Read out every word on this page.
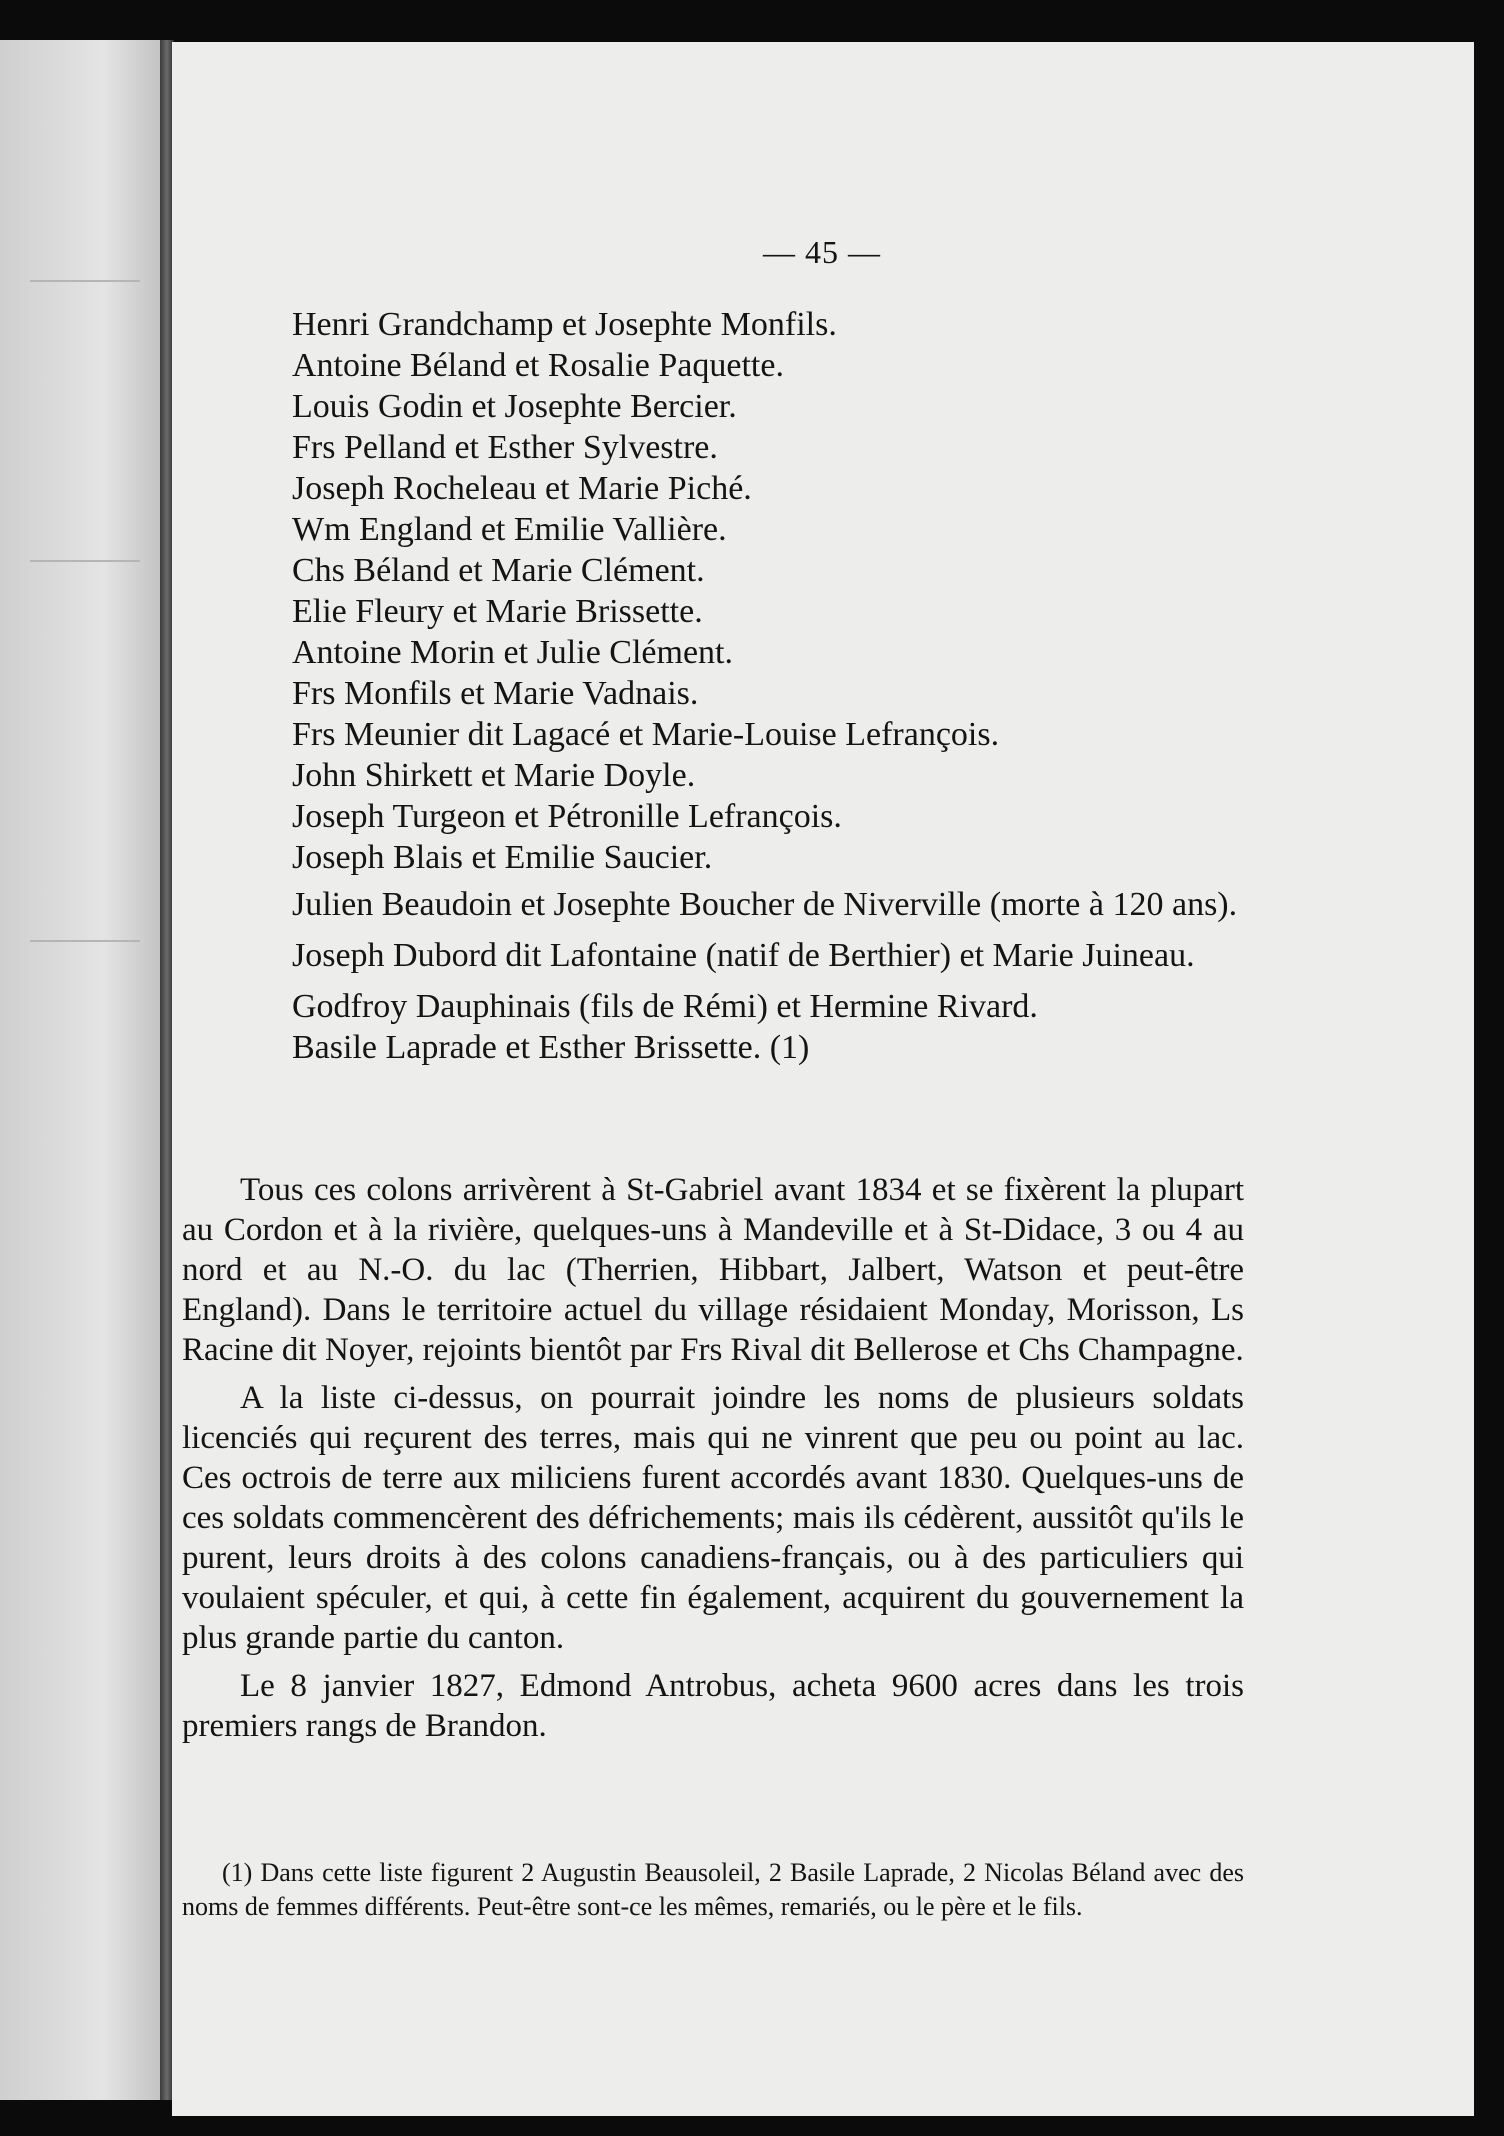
— 45 —
Henri Grandchamp et Josephte Monfils.
Antoine Béland et Rosalie Paquette.
Louis Godin et Josephte Bercier.
Frs Pelland et Esther Sylvestre.
Joseph Rocheleau et Marie Piché.
Wm England et Emilie Vallière.
Chs Béland et Marie Clément.
Elie Fleury et Marie Brissette.
Antoine Morin et Julie Clément.
Frs Monfils et Marie Vadnais.
Frs Meunier dit Lagacé et Marie-Louise Lefrançois.
John Shirkett et Marie Doyle.
Joseph Turgeon et Pétronille Lefrançois.
Joseph Blais et Emilie Saucier.
Julien Beaudoin et Josephte Boucher de Niverville (morte à 120 ans).
Joseph Dubord dit Lafontaine (natif de Berthier) et Marie Juineau.
Godfroy Dauphinais (fils de Rémi) et Hermine Rivard.
Basile Laprade et Esther Brissette. (1)

Tous ces colons arrivèrent à St-Gabriel avant 1834 et se fixèrent la plupart au Cordon et à la rivière, quelques-uns à Mandeville et à St-Didace, 3 ou 4 au nord et au N.-O. du lac (Therrien, Hibbart, Jalbert, Watson et peut-être England). Dans le territoire actuel du village résidaient Monday, Morisson, Ls Racine dit Noyer, rejoints bientôt par Frs Rival dit Bellerose et Chs Champagne.

A la liste ci-dessus, on pourrait joindre les noms de plusieurs soldats licenciés qui reçurent des terres, mais qui ne vinrent que peu ou point au lac. Ces octrois de terre aux miliciens furent accordés avant 1830. Quelques-uns de ces soldats commencèrent des défrichements; mais ils cédèrent, aussitôt qu'ils le purent, leurs droits à des colons canadiens-français, ou à des particuliers qui voulaient spéculer, et qui, à cette fin également, acquirent du gouvernement la plus grande partie du canton.

Le 8 janvier 1827, Edmond Antrobus, acheta 9600 acres dans les trois premiers rangs de Brandon.

(1) Dans cette liste figurent 2 Augustin Beausoleil, 2 Basile Laprade, 2 Nicolas Béland avec des noms de femmes différents. Peut-être sont-ce les mêmes, remariés, ou le père et le fils.
